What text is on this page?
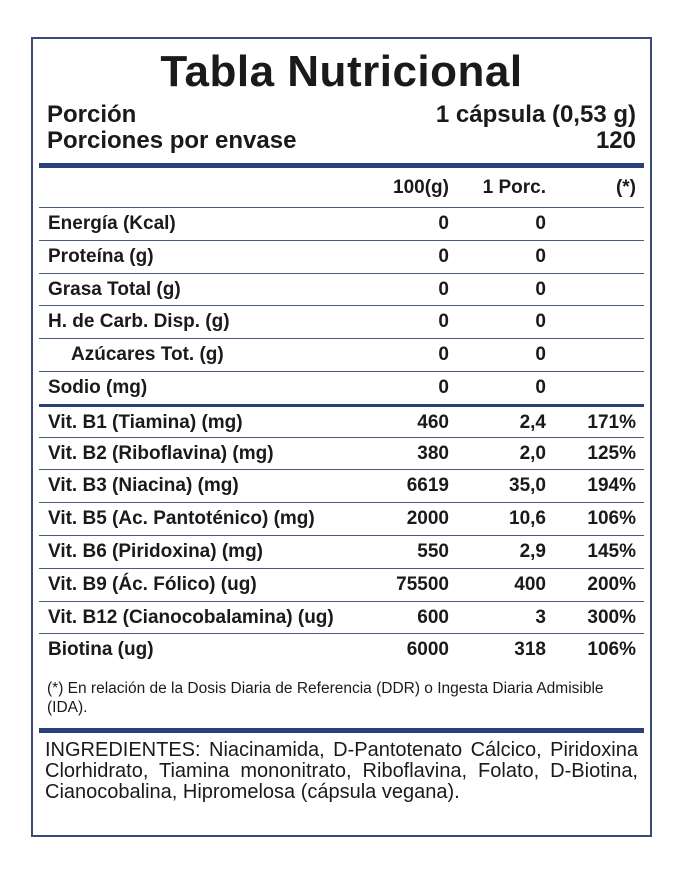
Tabla Nutricional
Porción	1 cápsula (0,53 g)
Porciones por envase	120
100(g) 1 Porc.	(*)
Energía (Kcal)	0	0
Proteína (g)	0	0
Grasa Total (g)	0	0
H. de Carb. Disp. (g)	0	0
Azúcares Tot. (g)	0	0
Sodio (mg)	0	0
Vit. B1 (Tiamina) (mg)	460	2,4 171%
Vit. B2 (Riboflavina) (mg)	380	2,0 125%
Vit. B3 (Niacina) (mg)	6619	35,0 194%
Vit. B5 (Ac. Pantoténico) (mg)	2000	10,6 106%
Vit. B6 (Piridoxina) (mg)	550	2,9 145%
Vit. B9 (Ác. Fólico) (ug)	75500	400 200%
Vit. B12 (Cianocobalamina) (ug)	600	3 300%
Biotina (ug)	6000	318 106%
(*) En relación de la Dosis Diaria de Referencia (DDR) o Ingesta Diaria Admisible (IDA).
INGREDIENTES: Niacinamida, D-Pantotenato Cálcico, Piridoxina Clorhidrato, Tiamina mononitrato, Riboflavina, Folato, D-Biotina, Cianocobalina, Hipromelosa (cápsula vegana).
